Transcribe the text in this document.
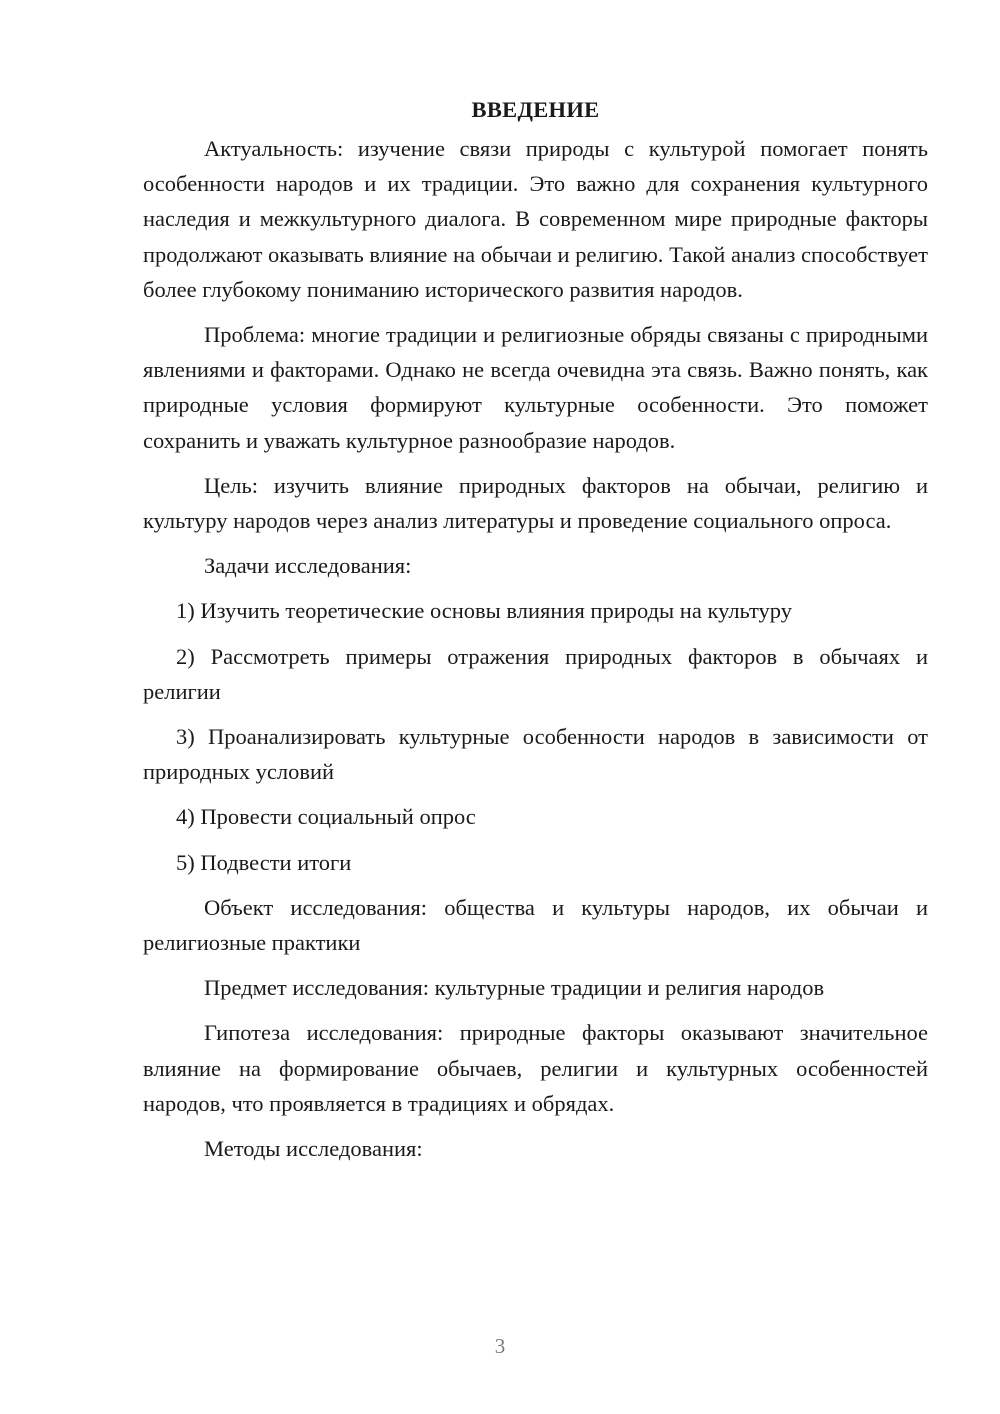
ВВЕДЕНИЕ

Актуальность: изучение связи природы с культурой помогает понять особенности народов и их традиции. Это важно для сохранения культурного наследия и межкультурного диалога. В современном мире природные факторы продолжают оказывать влияние на обычаи и религию. Такой анализ способствует более глубокому пониманию исторического развития народов.

Проблема: многие традиции и религиозные обряды связаны с природными явлениями и факторами. Однако не всегда очевидна эта связь. Важно понять, как природные условия формируют культурные особенности. Это поможет сохранить и уважать культурное разнообразие народов.

Цель: изучить влияние природных факторов на обычаи, религию и культуру народов через анализ литературы и проведение социального опроса.

Задачи исследования:

1) Изучить теоретические основы влияния природы на культуру

2) Рассмотреть примеры отражения природных факторов в обычаях и религии

3) Проанализировать культурные особенности народов в зависимости от природных условий

4) Провести социальный опрос

5) Подвести итоги

Объект исследования: общества и культуры народов, их обычаи и религиозные практики

Предмет исследования: культурные традиции и религия народов

Гипотеза исследования: природные факторы оказывают значительное влияние на формирование обычаев, религии и культурных особенностей народов, что проявляется в традициях и обрядах.

Методы исследования:

3
